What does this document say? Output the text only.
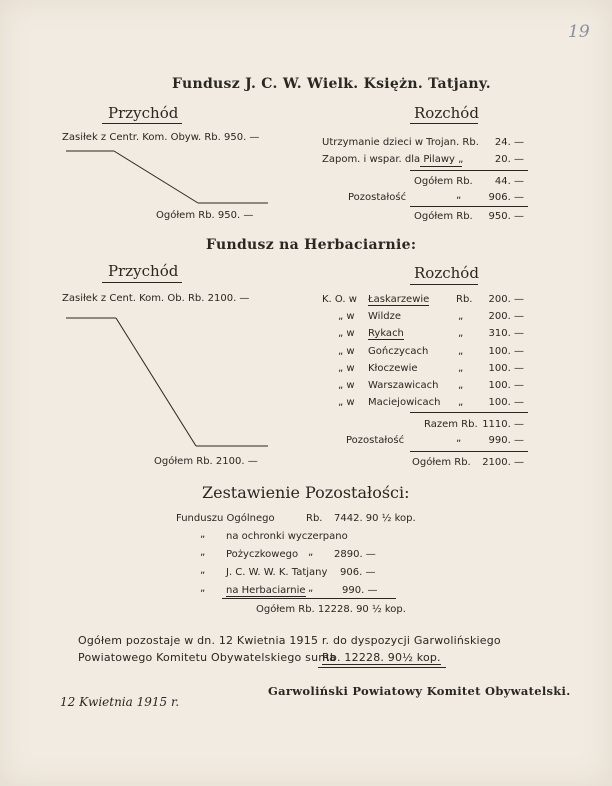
19
Fundusz J. C. W. Wielk. Księżn. Tatjany.
Przychód	Rozchód
Zasiłek z Centr. Kom. Obyw. Rb. 950. —
Ogółem Rb. 950. —
Utrzymanie dzieci w Trojan. Rb.	24. —
Zapom. i wspar. dla Pilawy „	20. —
Ogółem Rb.	44. —
Pozostałość	„	906. —
Ogółem Rb.	950. —
Fundusz na Herbaciarnie:
Przychód	Rozchód
Zasiłek z Cent. Kom. Ob. Rb. 2100. —
Ogółem Rb. 2100. —
K. O. w Łaskarzewie	Rb.	200. —
„ w Wildze	„	200. —
„ w Rykach	„	310. —
„ w Gończycach	„	100. —
„ w Kłoczewie	„	100. —
„ w Warszawicach „	100. —
„ w Maciejowicach „	100. —
Razem Rb. 1110. —
Pozostałość	„	990. —
Ogółem Rb.	2100. —
Zestawienie Pozostałości:
Funduszu Ogólnego	Rb. 7442. 90 ½ kop.
„ na ochronki wyczerpano
„ Pożyczkowego „ 2890. —
„ J. C. W. W. K. Tatjany 906. —
„ na Herbaciarnie „	990. —
Ogółem Rb. 12228. 90 ½ kop.
Ogółem pozostaje w dn. 12 Kwietnia 1915 r. do dyspozycji Garwolińskiego
Powiatowego Komitetu Obywatelskiego suma
Rb. 12228. 90½ kop.
12 Kwietnia 1915 r.
Garwoliński Powiatowy Komitet Obywatelski.
